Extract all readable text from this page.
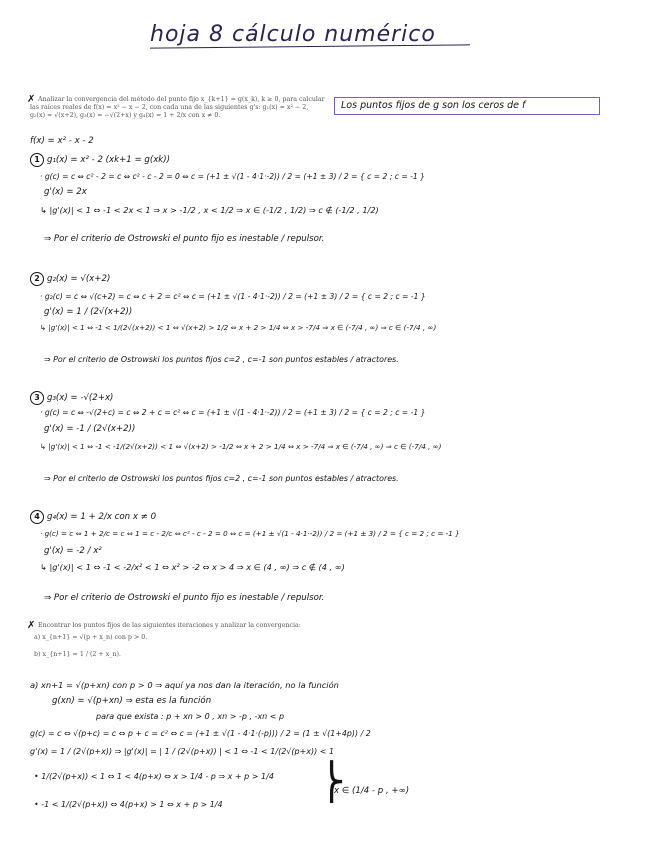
hoja 8 cálculo numérico
✗ Analizar la convergencia del método del punto fijo x_{k+1} = g(x_k), k ≥ 0, para calcular
las raíces reales de f(x) = x² − x − 2, con cada una de las siguientes g's: g₁(x) = x² − 2,
g₂(x) = √(x+2), g₃(x) = −√(2+x) y g₄(x) = 1 + 2/x con x ≠ 0.
Los puntos fijos de g son los ceros de f
f(x) = x² - x - 2
1 g₁(x) = x² - 2 (xk+1 = g(xk))
· g(c) = c ⇔ c² - 2 = c ⇔ c² - c - 2 = 0 ⇔ c = (+1 ± √(1 - 4·1·-2)) / 2 = (+1 ± 3) / 2 = { c = 2 ; c = -1 }
g'(x) = 2x
↳ |g'(x)| < 1 ⇔ -1 < 2x < 1 ⇒ x > -1/2 , x < 1/2 ⇒ x ∈ (-1/2 , 1/2) ⇒ c ∉ (-1/2 , 1/2)
⇒ Por el criterio de Ostrowski el punto fijo es inestable / repulsor.
2 g₂(x) = √(x+2)
· g₂(c) = c ⇔ √(c+2) = c ⇔ c + 2 = c² ⇔ c = (+1 ± √(1 - 4·1·-2)) / 2 = (+1 ± 3) / 2 = { c = 2 ; c = -1 }
g'(x) = 1 / (2√(x+2))
↳ |g'(x)| < 1 ⇔ -1 < 1/(2√(x+2)) < 1 ⇔ √(x+2) > 1/2 ⇔ x + 2 > 1/4 ⇔ x > -7/4 ⇒ x ∈ (-7/4 , ∞) ⇒ c ∈ (-7/4 , ∞)
⇒ Por el criterio de Ostrowski los puntos fijos c=2 , c=-1 son puntos estables / atractores.
3 g₃(x) = -√(2+x)
· g(c) = c ⇔ -√(2+c) = c ⇔ 2 + c = c² ⇔ c = (+1 ± √(1 - 4·1·-2)) / 2 = (+1 ± 3) / 2 = { c = 2 ; c = -1 }
g'(x) = -1 / (2√(x+2))
↳ |g'(x)| < 1 ⇔ -1 < -1/(2√(x+2)) < 1 ⇔ √(x+2) > -1/2 ⇔ x + 2 > 1/4 ⇔ x > -7/4 ⇒ x ∈ (-7/4 , ∞) ⇒ c ∈ (-7/4 , ∞)
⇒ Por el criterio de Ostrowski los puntos fijos c=2 , c=-1 son puntos estables / atractores.
4 g₄(x) = 1 + 2/x con x ≠ 0
· g(c) = c ⇔ 1 + 2/c = c ⇔ 1 = c - 2/c ⇔ c² - c - 2 = 0 ⇔ c = (+1 ± √(1 - 4·1·-2)) / 2 = (+1 ± 3) / 2 = { c = 2 ; c = -1 }
g'(x) = -2 / x²
↳ |g'(x)| < 1 ⇔ -1 < -2/x² < 1 ⇔ x² > -2 ⇔ x > 4 ⇒ x ∈ (4 , ∞) ⇒ c ∉ (4 , ∞)
⇒ Por el criterio de Ostrowski el punto fijo es inestable / repulsor.
✗ Encontrar los puntos fijos de las siguientes iteraciones y analizar la convergencia:
a) x_{n+1} = √(p + x_n) con p > 0.
b) x_{n+1} = 1 / (2 + x_n).
a) xn+1 = √(p+xn) con p > 0 ⇒ aquí ya nos dan la iteración, no la función
g(xn) = √(p+xn) ⇒ esta es la función
para que exista : p + xn > 0 , xn > -p , -xn < p
g(c) = c ⇔ √(p+c) = c ⇔ p + c = c² ⇔ c = (+1 ± √(1 - 4·1·(-p))) / 2 = (1 ± √(1+4p)) / 2
g'(x) = 1 / (2√(p+x)) ⇒ |g'(x)| = | 1 / (2√(p+x)) | < 1 ⇔ -1 < 1/(2√(p+x)) < 1
• 1/(2√(p+x)) < 1 ⇔ 1 < 4(p+x) ⇔ x > 1/4 - p ⇒ x + p > 1/4
• -1 < 1/(2√(p+x)) ⇔ 4(p+x) > 1 ⇔ x + p > 1/4
⎬
x ∈ (1/4 - p , +∞)
